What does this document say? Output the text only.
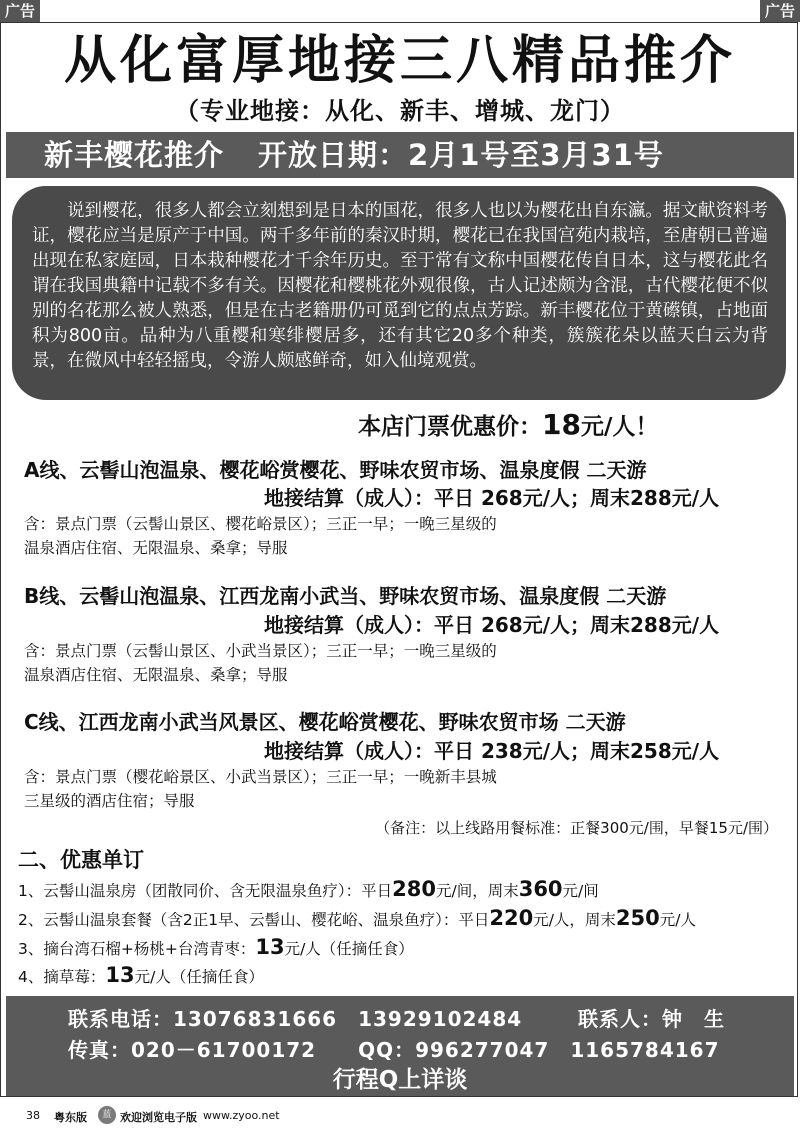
广告	广告
从化富厚地接三八精品推介
（专业地接：从化、新丰、增城、龙门）
新丰樱花推介 开放日期：2月1号至3月31号
说到樱花，很多人都会立刻想到是日本的国花，很多人也以为樱花出自东瀛。据文献资料考证，樱花应当是原产于中国。两千多年前的秦汉时期，樱花已在我国宫苑内栽培，至唐朝已普遍出现在私家庭园，日本栽种樱花才千余年历史。至于常有文称中国樱花传自日本，这与樱花此名谓在我国典籍中记载不多有关。因樱花和樱桃花外观很像，古人记述颇为含混，古代樱花便不似别的名花那么被人熟悉，但是在古老籍册仍可觅到它的点点芳踪。新丰樱花位于黄礤镇，占地面积为800亩。品种为八重樱和寒绯樱居多，还有其它20多个种类，簇簇花朵以蓝天白云为背景，在微风中轻轻摇曳，令游人颇感鲜奇，如入仙境观赏。
本店门票优惠价：18元/人！
A线、云髻山泡温泉、樱花峪赏樱花、野味农贸市场、温泉度假 二天游
地接结算（成人）：平日 268元/人；周末288元/人
含：景点门票（云髻山景区、樱花峪景区）；三正一早；一晚三星级的
温泉酒店住宿、无限温泉、桑拿；导服
B线、云髻山泡温泉、江西龙南小武当、野味农贸市场、温泉度假 二天游
地接结算（成人）：平日 268元/人；周末288元/人
含：景点门票（云髻山景区、小武当景区）；三正一早；一晚三星级的
温泉酒店住宿、无限温泉、桑拿；导服
C线、江西龙南小武当风景区、樱花峪赏樱花、野味农贸市场 二天游
地接结算（成人）：平日 238元/人；周末258元/人
含：景点门票（樱花峪景区、小武当景区）；三正一早；一晚新丰县城
三星级的酒店住宿；导服
（备注：以上线路用餐标准：正餐300元/围，早餐15元/围）
二、优惠单订
1、云髻山温泉房（团散同价、含无限温泉鱼疗）：平日280元/间，周末360元/间
2、云髻山温泉套餐（含2正1早、云髻山、樱花峪、温泉鱼疗）：平日220元/人，周末250元/人
3、摘台湾石榴+杨桃+台湾青枣：13元/人（任摘任食）
4、摘草莓：13元/人（任摘任食）
联系电话：13076831666　13929102484	联系人：钟　生
传真：020－61700172　　QQ：996277047　1165784167
行程Q上详谈
38 粤东版	蓝 欢迎浏览电子版 www.zyoo.net
